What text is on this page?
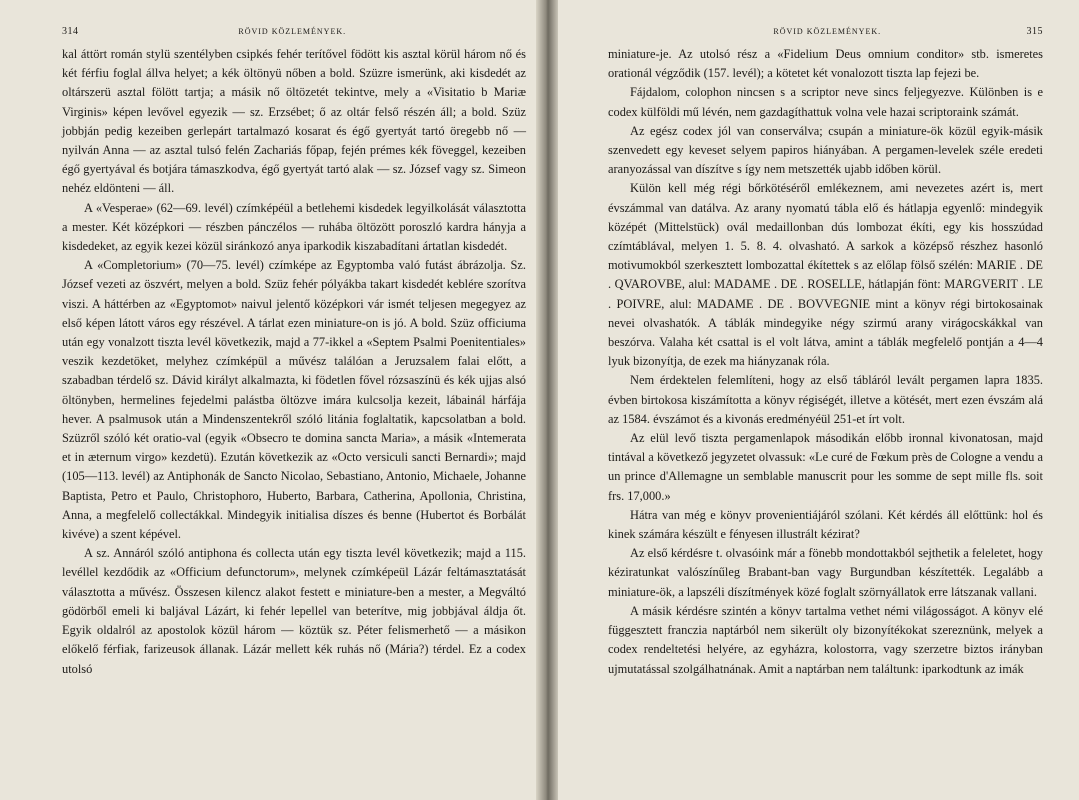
314	RÖVID KÖZLEMÉNYEK.

kal áttört román stylü szentélyben csipkés fehér terítővel födött kis asztal körül három nő és két férfiu foglal állva helyet; a kék öltönyü nőben a bold. Szüzre ismerünk, aki kisdedét az oltárszerü asztal fölött tartja; a másik nő öltözetét tekintve, mely a «Visitatio b Mariæ Virginis» képen levővel egyezik — sz. Erzsébet; ő az oltár felső részén áll; a bold. Szüz jobbján pedig kezeiben gerlepárt tartalmazó kosarat és égő gyertyát tartó öregebb nő — nyilván Anna — az asztal tulsó felén Zachariás főpap, fején prémes kék föveggel, kezeiben égő gyertyával és botjára támaszkodva, égő gyertyát tartó alak — sz. József vagy sz. Simeon nehéz eldönteni — áll.

A «Vesperae» (62—69. levél) czímképéül a betlehemi kisdedek legyilkolását választotta a mester. Két középkori — részben pánczélos — ruhába öltözött poroszló kardra hányja a kisdedeket, az egyik kezei közül siránkozó anya iparkodik kiszabadítani ártatlan kisdedét.

A «Completorium» (70—75. levél) czímképe az Egyptomba való futást ábrázolja. Sz. József vezeti az öszvért, melyen a bold. Szüz fehér pólyákba takart kisdedét keblére szorítva viszi. A háttérben az «Egyptomot» naivul jelentő középkori vár ismét teljesen megegyez az első képen látott város egy részével. A tárlat ezen miniature-on is jó. A bold. Szüz officiuma után egy vonalzott tiszta levél következik, majd a 77-ikkel a «Septem Psalmi Poenitentiales» veszik kezdetöket, melyhez czímképül a művész találóan a Jeruzsalem falai előtt, a szabadban térdelő sz. Dávid királyt alkalmazta, ki födetlen fővel rózsaszínü és kék ujjas alsó öltönyben, hermelines fejedelmi palástba öltözve imára kulcsolja kezeit, lábainál hárfája hever. A psalmusok után a Mindenszentekről szóló litánia foglaltatik, kapcsolatban a bold. Szüzről szóló két oratio-val (egyik «Obsecro te domina sancta Maria», a másik «Intemerata et in æternum virgo» kezdetü). Ezután következik az «Octo versiculi sancti Bernardi»; majd (105—113. levél) az Antiphonák de Sancto Nicolao, Sebastiano, Antonio, Michaele, Johanne Baptista, Petro et Paulo, Christophoro, Huberto, Barbara, Catherina, Apollonia, Christina, Anna, a megfelelő collectákkal. Mindegyik initialisa díszes és benne (Hubertot és Borbálát kivéve) a szent képével.

A sz. Annáról szóló antiphona és collecta után egy tiszta levél következik; majd a 115. levéllel kezdődik az «Officium defunctorum», melynek czímképeül Lázár feltámasztatását választotta a művész. Összesen kilencz alakot festett e miniature-ben a mester, a Megváltó gödörből emeli ki baljával Lázárt, ki fehér lepellel van beterítve, mig jobbjával áldja őt. Egyik oldalról az apostolok közül három — köztük sz. Péter felismerhető — a másikon előkelő férfiak, farizeusok állanak. Lázár mellett kék ruhás nő (Mária?) térdel. Ez a codex utolsó

RÖVID KÖZLEMÉNYEK.	315

miniature-je. Az utolsó rész a «Fidelium Deus omnium conditor» stb. ismeretes orationál végződik (157. levél); a kötetet két vonalozott tiszta lap fejezi be.

Fájdalom, colophon nincsen s a scriptor neve sincs feljegyezve. Különben is e codex külföldi mű lévén, nem gazdagíthattuk volna vele hazai scriptoraink számát.

Az egész codex jól van conserválva; csupán a miniature-ök közül egyik-másik szenvedett egy keveset selyem papiros hiányában. A pergamen-levelek széle eredeti aranyozással van díszítve s így nem metszették ujabb időben körül.

Külön kell még régi bőrkötéséről emlékeznem, ami nevezetes azért is, mert évszámmal van datálva. Az arany nyomatú tábla elő és hátlapja egyenlő: mindegyik középét (Mittelstück) ovál medaillonban dús lombozat ékíti, egy kis hosszúdad czímtáblával, melyen 1. 5. 8. 4. olvasható. A sarkok a középső részhez hasonló motivumokból szerkesztett lombozattal ékítettek s az előlap fölső szélén: MARIE . DE . QVAROVBE, alul: MADAME . DE . ROSELLE, hátlapján fönt: MARGVERIT . LE . POIVRE, alul: MADAME . DE . BOVVEGNIE mint a könyv régi birtokosainak nevei olvashatók. A táblák mindegyike négy szirmú arany virágocskákkal van beszórva. Valaha két csattal is el volt látva, amint a táblák megfelelő pontján a 4—4 lyuk bizonyítja, de ezek ma hiányzanak róla.

Nem érdektelen felemlíteni, hogy az első tábláról levált pergamen lapra 1835. évben birtokosa kiszámította a könyv régiségét, illetve a kötését, mert ezen évszám alá az 1584. évszámot és a kivonás eredményéül 251-et írt volt.

Az elül levő tiszta pergamenlapok másodikán előbb ironnal kivonatosan, majd tintával a következő jegyzetet olvassuk: «Le curé de Fœkum près de Cologne a vendu a un prince d'Allemagne un semblable manuscrit pour les somme de sept mille fls. soit frs. 17,000.»

Hátra van még e könyv provenientiájáról szólani. Két kérdés áll előttünk: hol és kinek számára készült e fényesen illustrált kézirat?

Az első kérdésre t. olvasóink már a fönebb mondottakból sejthetik a feleletet, hogy kéziratunkat valószínűleg Brabant-ban vagy Burgundban készítették. Legalább a miniature-ök, a lapszéli díszítmények közé foglalt szörnyállatok erre látszanak vallani.

A másik kérdésre szintén a könyv tartalma vethet némi világosságot. A könyv elé függesztett franczia naptárból nem sikerült oly bizonyítékokat szereznünk, melyek a codex rendeltetési helyére, az egyházra, kolostorra, vagy szerzetre biztos irányban ujmutatással szolgálhatnának. Amit a naptárban nem találtunk: iparkodtunk az imák
